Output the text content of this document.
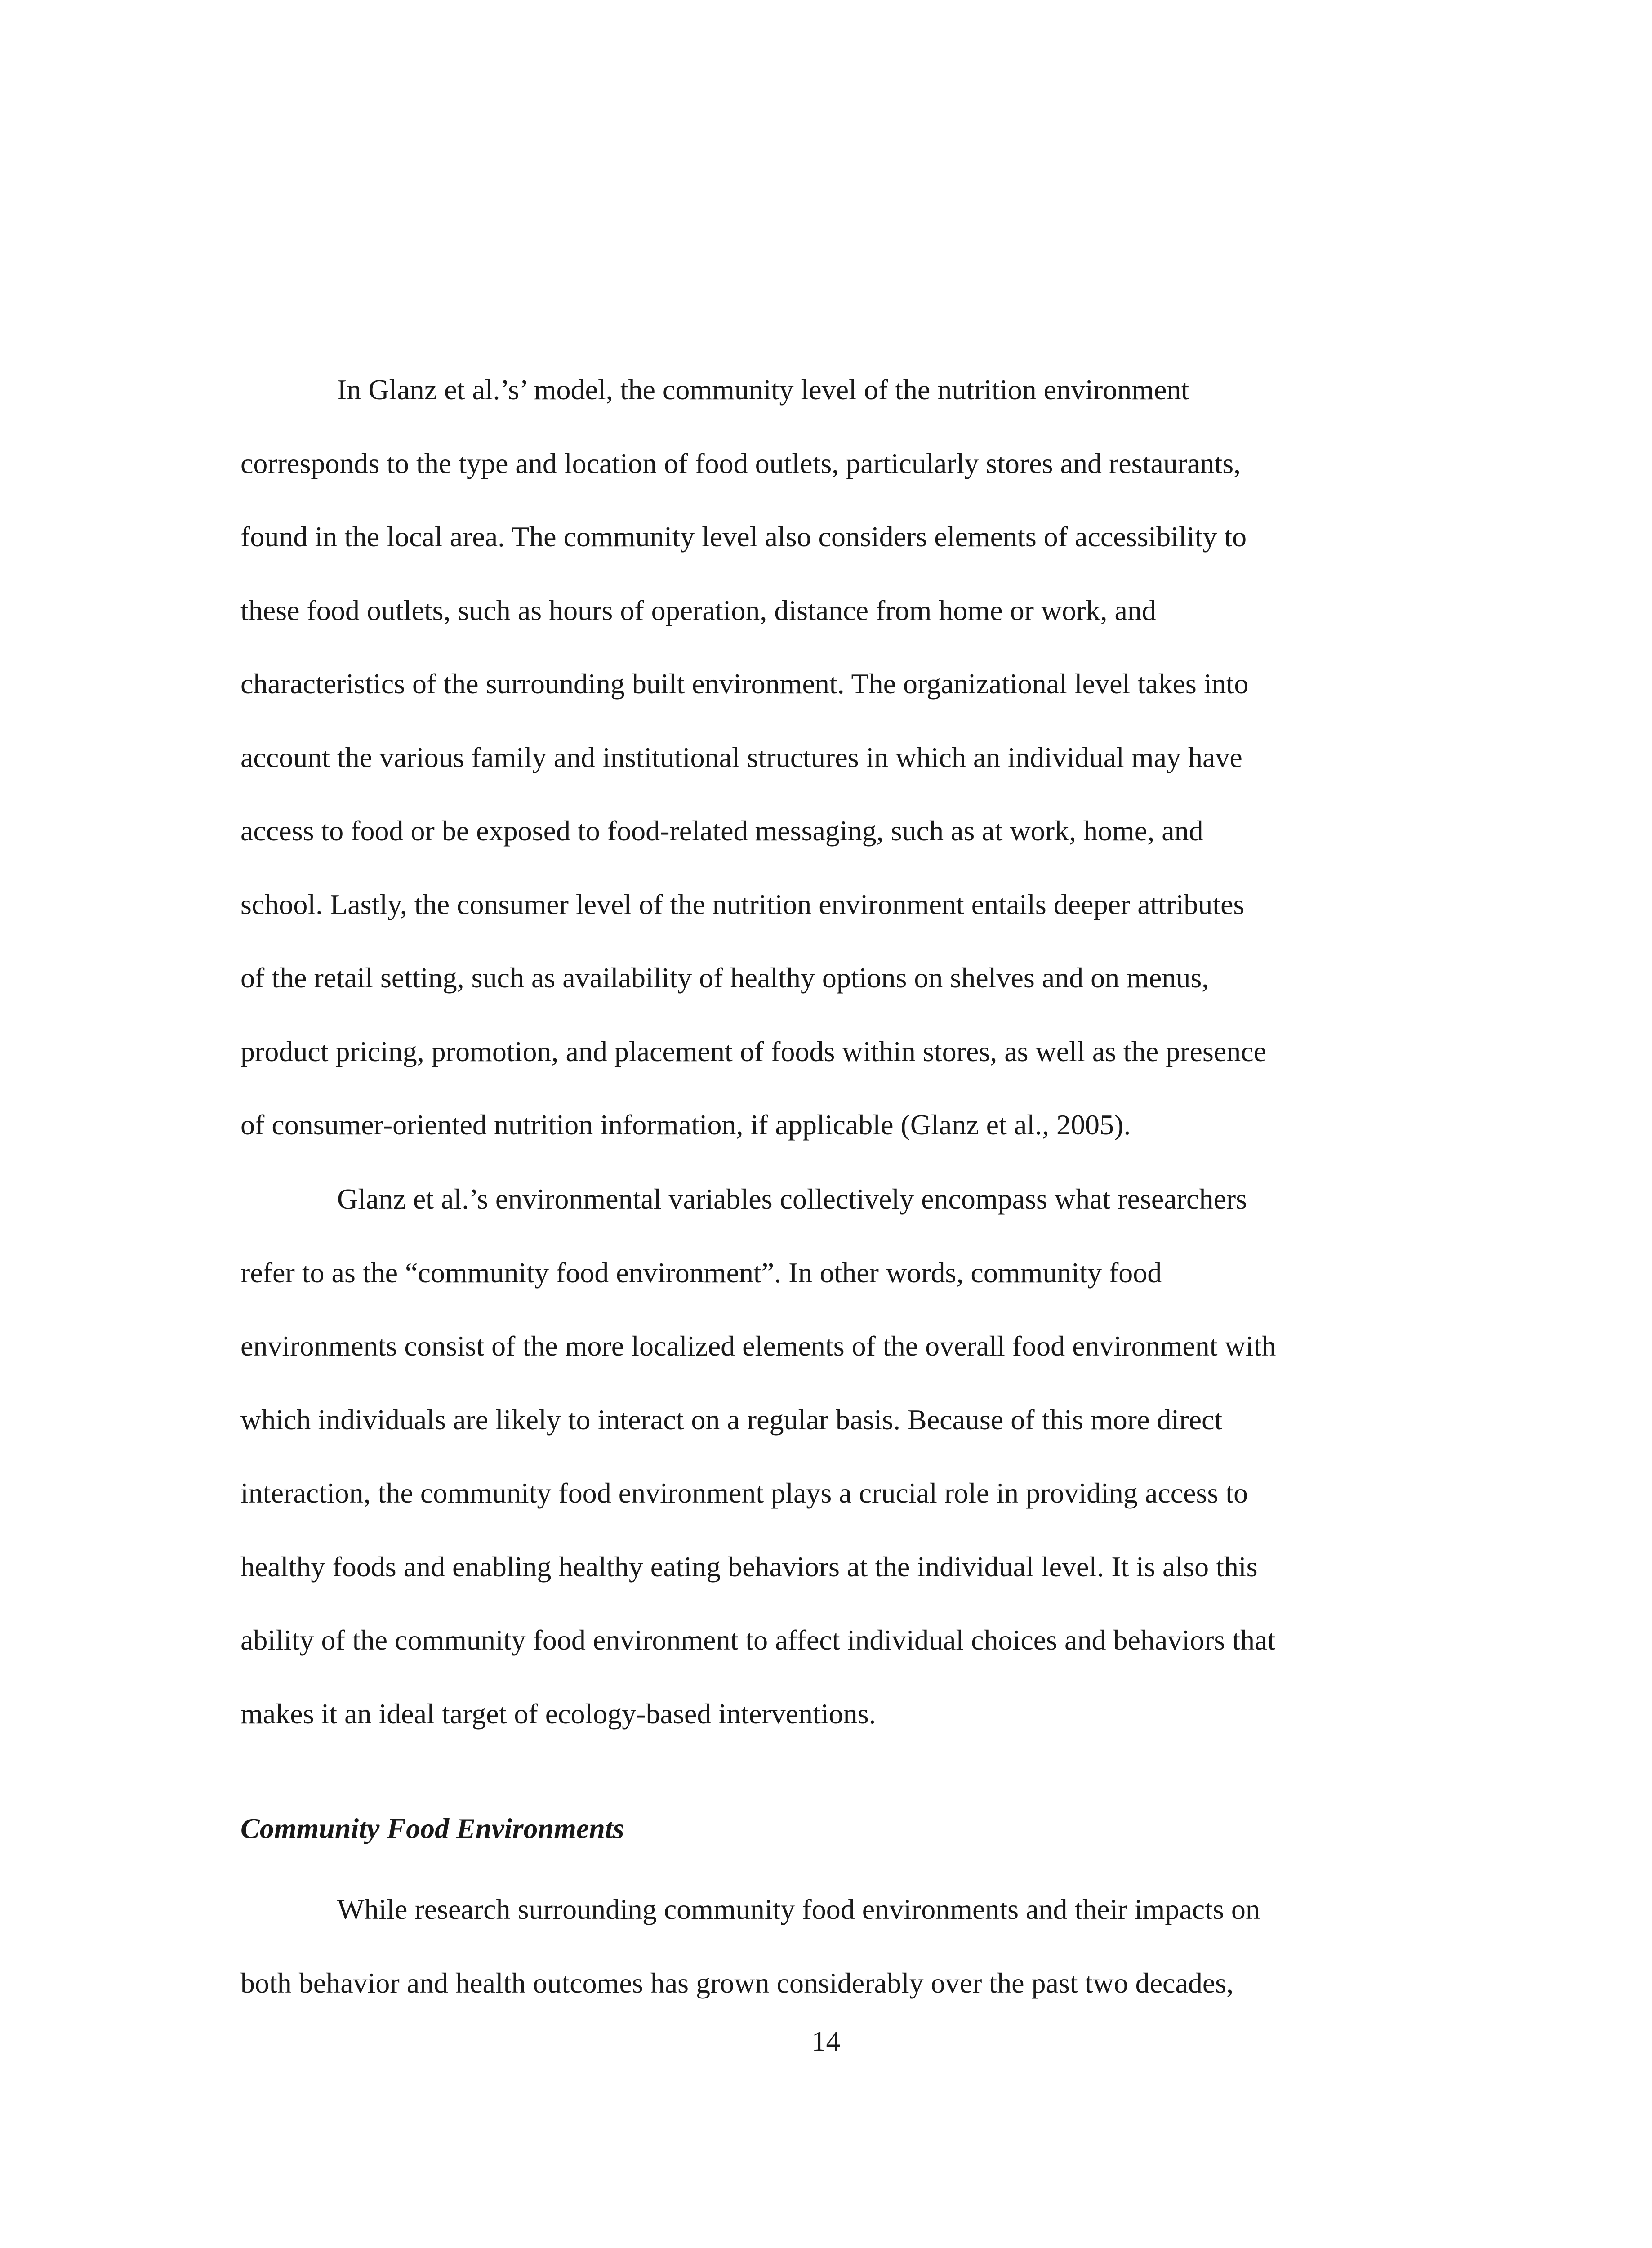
In Glanz et al.’s’ model, the community level of the nutrition environment
corresponds to the type and location of food outlets, particularly stores and restaurants,
found in the local area. The community level also considers elements of accessibility to
these food outlets, such as hours of operation, distance from home or work, and
characteristics of the surrounding built environment. The organizational level takes into
account the various family and institutional structures in which an individual may have
access to food or be exposed to food-related messaging, such as at work, home, and
school. Lastly, the consumer level of the nutrition environment entails deeper attributes
of the retail setting, such as availability of healthy options on shelves and on menus,
product pricing, promotion, and placement of foods within stores, as well as the presence
of consumer-oriented nutrition information, if applicable (Glanz et al., 2005).
Glanz et al.’s environmental variables collectively encompass what researchers
refer to as the “community food environment”. In other words, community food
environments consist of the more localized elements of the overall food environment with
which individuals are likely to interact on a regular basis. Because of this more direct
interaction, the community food environment plays a crucial role in providing access to
healthy foods and enabling healthy eating behaviors at the individual level. It is also this
ability of the community food environment to affect individual choices and behaviors that
makes it an ideal target of ecology-based interventions.
Community Food Environments
While research surrounding community food environments and their impacts on
both behavior and health outcomes has grown considerably over the past two decades,
14
